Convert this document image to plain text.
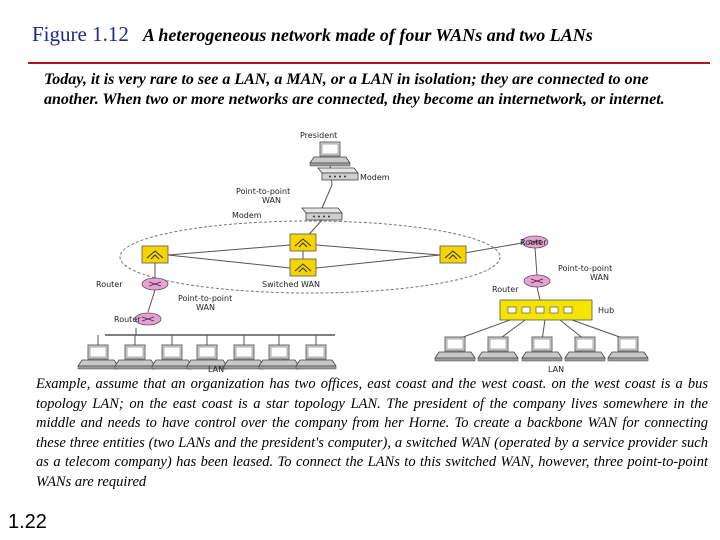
Figure 1.12 A heterogeneous network made of four WANs and two LANs
Today, it is very rare to see a LAN, a MAN, or a LAN in isolation; they are connected to one another. When two or more networks are connected, they become an internetwork, or internet.
President
Modem
Point-to-point
WAN
Modem
Switched WAN
Router
Point-to-point
WAN
Router
Router
Point-to-point
WAN
Router
Hub
LAN	LAN
Example, assume that an organization has two offices, east coast and the west coast. on the west coast is a bus topology LAN; on the east coast is a star topology LAN. The president of the company lives somewhere in the middle and needs to have control over the company from her Horne. To create a backbone WAN for connecting these three entities (two LANs and the president's computer), a switched WAN (operated by a service provider such as a telecom company) has been leased. To connect the LANs to this switched WAN, however, three point-to-point WANs are required
1.22
